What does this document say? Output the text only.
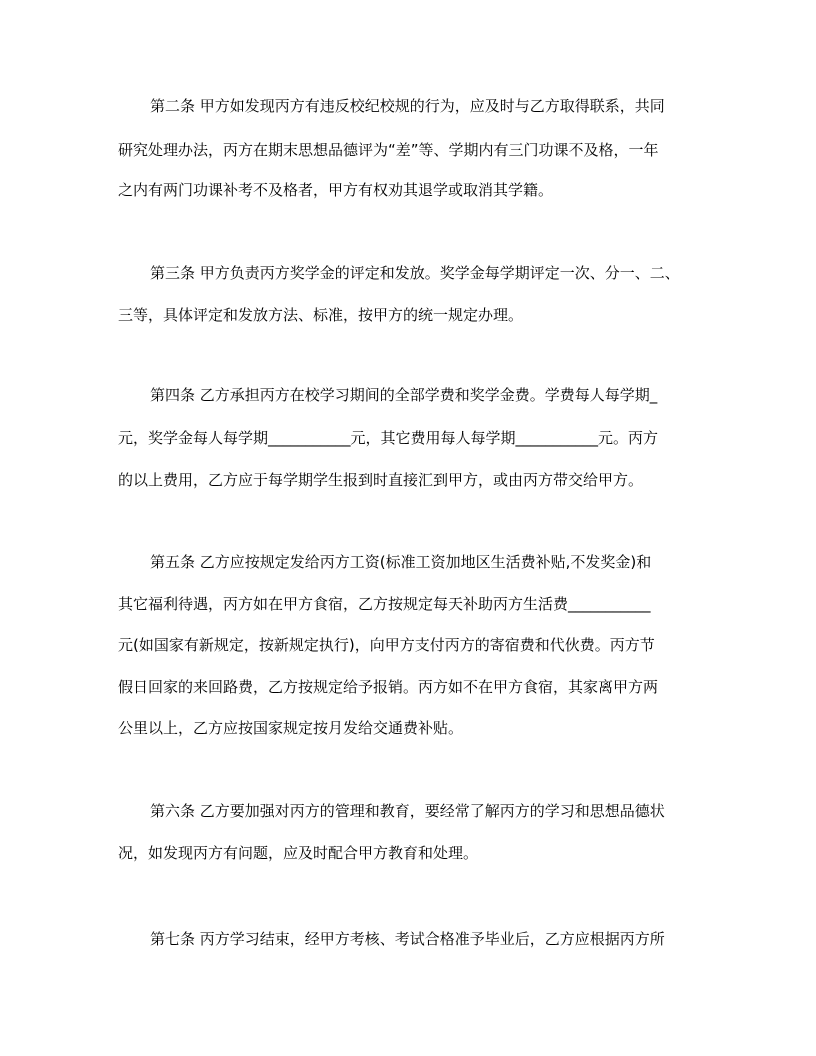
第二条 甲方如发现丙方有违反校纪校规的行为，应及时与乙方取得联系，共同
研究处理办法，丙方在期末思想品德评为“差”等、学期内有三门功课不及格，一年
之内有两门功课补考不及格者，甲方有权劝其退学或取消其学籍。
第三条 甲方负责丙方奖学金的评定和发放。奖学金每学期评定一次、分一、二、
三等，具体评定和发放方法、标准，按甲方的统一规定办理。
第四条 乙方承担丙方在校学习期间的全部学费和奖学金费。学费每人每学期_
元，奖学金每人每学期___________元，其它费用每人每学期___________元。丙方
的以上费用，乙方应于每学期学生报到时直接汇到甲方，或由丙方带交给甲方。
第五条 乙方应按规定发给丙方工资(标准工资加地区生活费补贴,不发奖金)和
其它福利待遇，丙方如在甲方食宿，乙方按规定每天补助丙方生活费___________
元(如国家有新规定，按新规定执行)，向甲方支付丙方的寄宿费和代伙费。丙方节
假日回家的来回路费，乙方按规定给予报销。丙方如不在甲方食宿，其家离甲方两
公里以上，乙方应按国家规定按月发给交通费补贴。
第六条 乙方要加强对丙方的管理和教育，要经常了解丙方的学习和思想品德状
况，如发现丙方有问题，应及时配合甲方教育和处理。
第七条 丙方学习结束，经甲方考核、考试合格准予毕业后，乙方应根据丙方所
